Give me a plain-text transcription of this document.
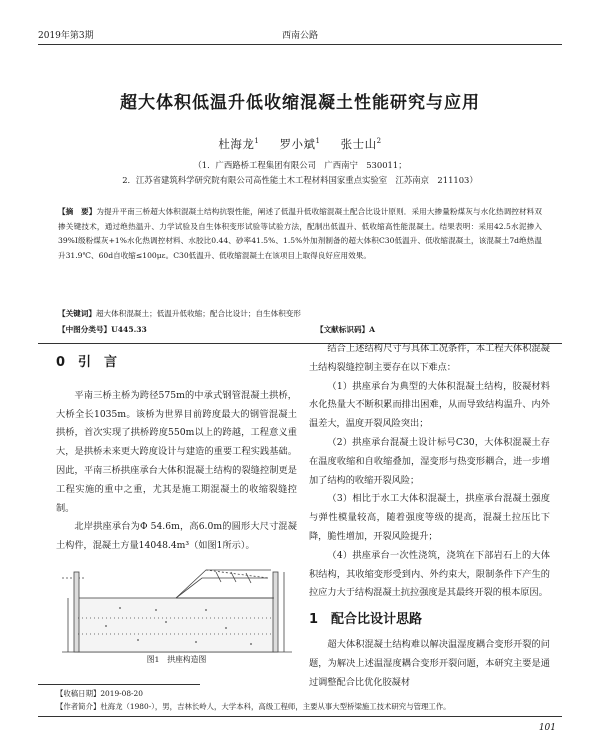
2019年第3期	西南公路
超大体积低温升低收缩混凝土性能研究与应用
杜海龙$^1$ 罗小斌$^1$ 张士山$^2$
（1．广西路桥工程集团有限公司　广西南宁　530011；
2．江苏省建筑科学研究院有限公司高性能土木工程材料国家重点实验室　江苏南京　211103）
【摘　要】为提升平南三桥超大体积混凝土结构抗裂性能，阐述了低温升低收缩混凝土配合比设计原则．采用大掺量粉煤灰与水化热调控材料双掺关键技术，通过绝热温升、力学试验及自生体积变形试验等试验方法，配制出低温升、低收缩高性能混凝土。结果表明：采用42.5水泥掺入39%I级粉煤灰+1%水化热调控材料、水胶比0.44、砂率41.5%、1.5%外加剂制备的超大体积C30低温升、低收缩混凝土，该混凝土7d绝热温升31.9℃、60d自收缩≤100με。C30低温升、低收缩混凝土在该项目上取得良好应用效果。
【关键词】超大体积混凝土；低温升低收缩；配合比设计；自生体积变形
【中图分类号】U445.33	【文献标识码】A
0 引　言

平南三桥主桥为跨径575m的中承式钢管混凝土拱桥，大桥全长1035m。该桥为世界目前跨度最大的钢管混凝土拱桥，首次实现了拱桥跨度550m以上的跨越，工程意义重大，是拱桥未来更大跨度设计与建造的重要工程实践基础。因此，平南三桥拱座承台大体积混凝土结构的裂缝控制更是工程实施的重中之重，尤其是施工期混凝土的收缩裂缝控制。

北岸拱座承台为Φ 54.6m，高6.0m的圆形大尺寸混凝土构件，混凝土方量14048.4m³（如图1所示）。

图1　拱座构造图

结合上述结构尺寸与具体工况条件，本工程大体积混凝土结构裂缝控制主要存在以下难点：

（1）拱座承台为典型的大体积混凝土结构，胶凝材料水化热量大不断积累而排出困难，从而导致结构温升、内外温差大，温度开裂风险突出；

（2）拱座承台混凝土设计标号C30，大体积混凝土存在温度收缩和自收缩叠加，湿变形与热变形耦合，进一步增加了结构的收缩开裂风险；

（3）相比于水工大体积混凝土，拱座承台混凝土强度与弹性模量较高，随着强度等级的提高，混凝土拉压比下降，脆性增加，开裂风险提升；

（4）拱座承台一次性浇筑，浇筑在下部岩石上的大体积结构，其收缩变形受到内、外约束大，限制条件下产生的拉应力大于结构混凝土抗拉强度是其最终开裂的根本原因。

1 配合比设计思路

超大体积混凝土结构难以解决温湿度耦合变形开裂的问题，为解决上述温湿度耦合变形开裂问题，本研究主要是通过调整配合比优化胶凝材

【收稿日期】2019-08-20
【作者简介】杜海龙（1980-），男，吉林长岭人，大学本科，高级工程师，主要从事大型桥梁施工技术研究与管理工作。
101
